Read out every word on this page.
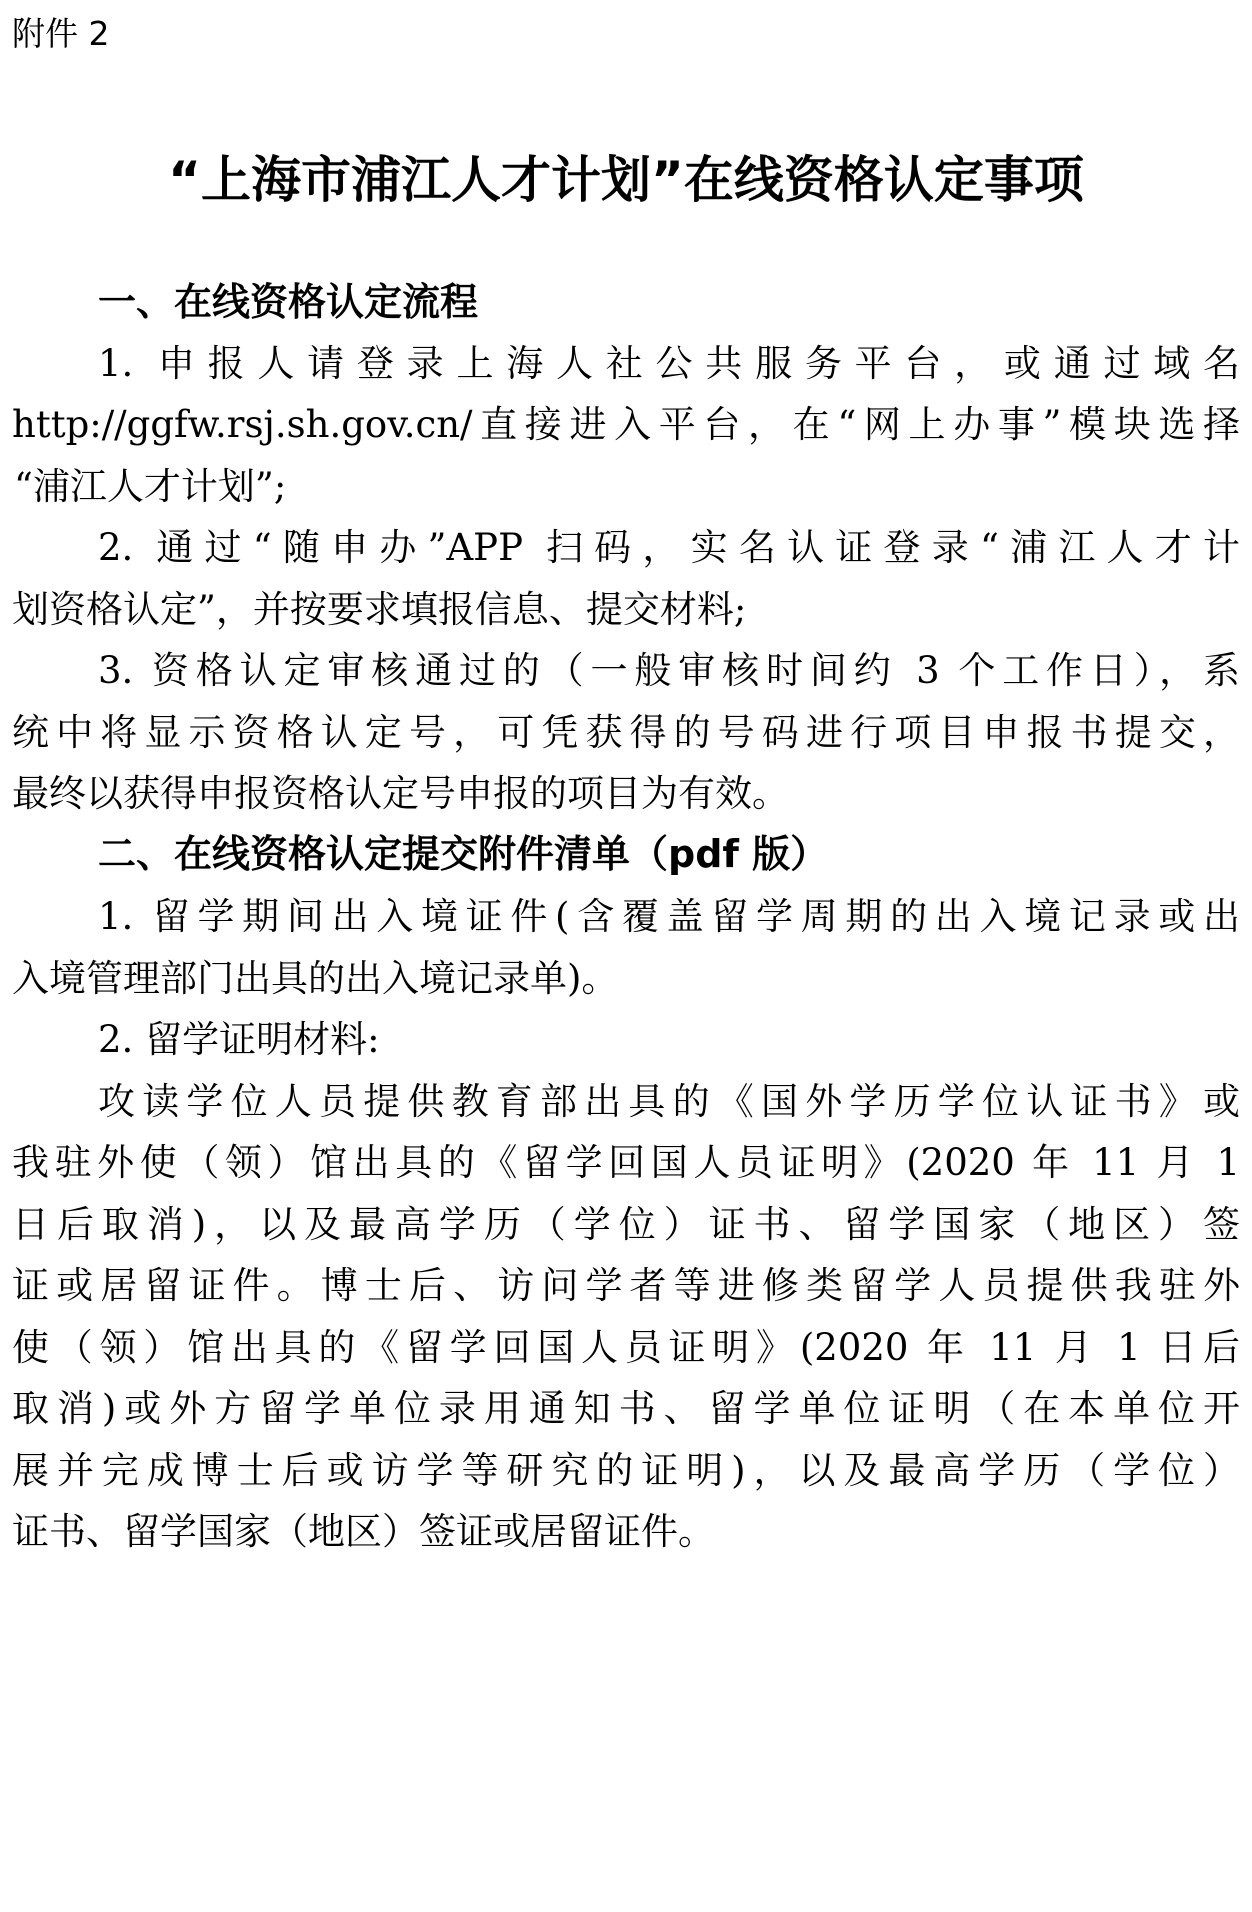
附件 2
“上海市浦江人才计划”在线资格认定事项
一、在线资格认定流程
1. 申报人请登录上海人社公共服务平台，或通过域名
http://ggfw.rsj.sh.gov.cn/直接进入平台，在“网上办事”模块选择
“浦江人才计划”;
2. 通过“随申办”APP 扫码，实名认证登录“浦江人才计
划资格认定”，并按要求填报信息、提交材料;
3. 资格认定审核通过的（一般审核时间约 3 个工作日），系
统中将显示资格认定号，可凭获得的号码进行项目申报书提交，
最终以获得申报资格认定号申报的项目为有效。
二、在线资格认定提交附件清单（pdf 版）
1. 留学期间出入境证件(含覆盖留学周期的出入境记录或出
入境管理部门出具的出入境记录单)。
2. 留学证明材料:
攻读学位人员提供教育部出具的《国外学历学位认证书》或
我驻外使（领）馆出具的《留学回国人员证明》(2020 年 11 月 1
日后取消)，以及最高学历（学位）证书、留学国家（地区）签
证或居留证件。博士后、访问学者等进修类留学人员提供我驻外
使（领）馆出具的《留学回国人员证明》(2020 年 11 月 1 日后
取消)或外方留学单位录用通知书、留学单位证明（在本单位开
展并完成博士后或访学等研究的证明)，以及最高学历（学位）
证书、留学国家（地区）签证或居留证件。
